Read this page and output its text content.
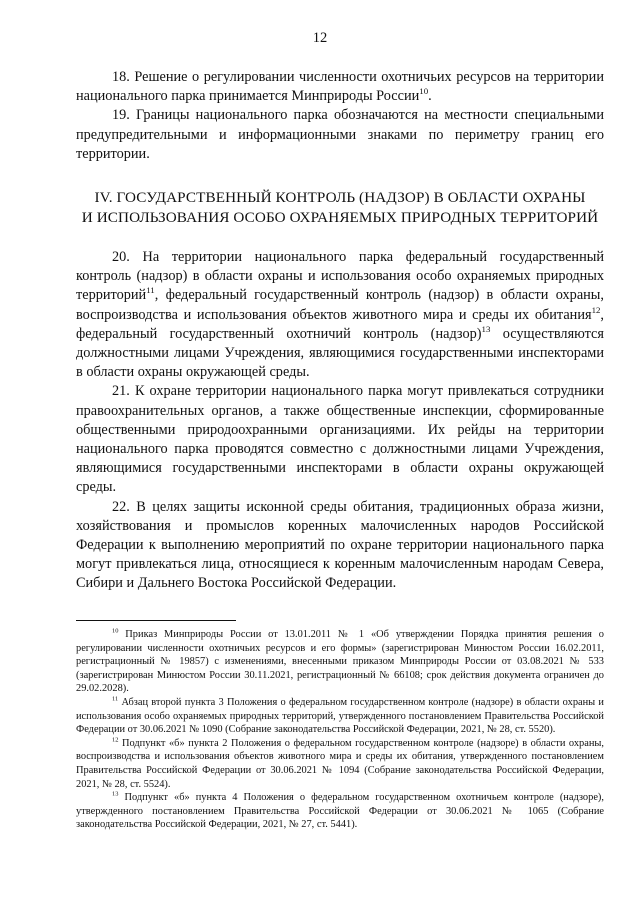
12

18. Решение о регулировании численности охотничьих ресурсов на территории национального парка принимается Минприроды России$^{10}$.

19. Границы национального парка обозначаются на местности специальными предупредительными и информационными знаками по периметру границ его территории.

IV. ГОСУДАРСТВЕННЫЙ КОНТРОЛЬ (НАДЗОР) В ОБЛАСТИ ОХРАНЫ
И ИСПОЛЬЗОВАНИЯ ОСОБО ОХРАНЯЕМЫХ ПРИРОДНЫХ ТЕРРИТОРИЙ

20. На территории национального парка федеральный государственный контроль (надзор) в области охраны и использования особо охраняемых природных территорий$^{11}$, федеральный государственный контроль (надзор) в области охраны, воспроизводства и использования объектов животного мира и среды их обитания$^{12}$, федеральный государственный охотничий контроль (надзор)$^{13}$ осуществляются должностными лицами Учреждения, являющимися государственными инспекторами в области охраны окружающей среды.

21. К охране территории национального парка могут привлекаться сотрудники правоохранительных органов, а также общественные инспекции, сформированные общественными природоохранными организациями. Их рейды на территории национального парка проводятся совместно с должностными лицами Учреждения, являющимися государственными инспекторами в области охраны окружающей среды.

22. В целях защиты исконной среды обитания, традиционных образа жизни, хозяйствования и промыслов коренных малочисленных народов Российской Федерации к выполнению мероприятий по охране территории национального парка могут привлекаться лица, относящиеся к коренным малочисленным народам Севера, Сибири и Дальнего Востока Российской Федерации.

$^{10}$ Приказ Минприроды России от 13.01.2011 № 1 «Об утверждении Порядка принятия решения о регулировании численности охотничьих ресурсов и его формы» (зарегистрирован Минюстом России 16.02.2011, регистрационный № 19857) с изменениями, внесенными приказом Минприроды России от 03.08.2021 № 533 (зарегистрирован Минюстом России 30.11.2021, регистрационный № 66108; срок действия документа ограничен до 29.02.2028).

$^{11}$ Абзац второй пункта 3 Положения о федеральном государственном контроле (надзоре) в области охраны и использования особо охраняемых природных территорий, утвержденного постановлением Правительства Российской Федерации от 30.06.2021 № 1090 (Собрание законодательства Российской Федерации, 2021, № 28, ст. 5520).

$^{12}$ Подпункт «б» пункта 2 Положения о федеральном государственном контроле (надзоре) в области охраны, воспроизводства и использования объектов животного мира и среды их обитания, утвержденного постановлением Правительства Российской Федерации от 30.06.2021 № 1094 (Собрание законодательства Российской Федерации, 2021, № 28, ст. 5524).

$^{13}$ Подпункт «б» пункта 4 Положения о федеральном государственном охотничьем контроле (надзоре), утвержденного постановлением Правительства Российской Федерации от 30.06.2021 № 1065 (Собрание законодательства Российской Федерации, 2021, № 27, ст. 5441).
